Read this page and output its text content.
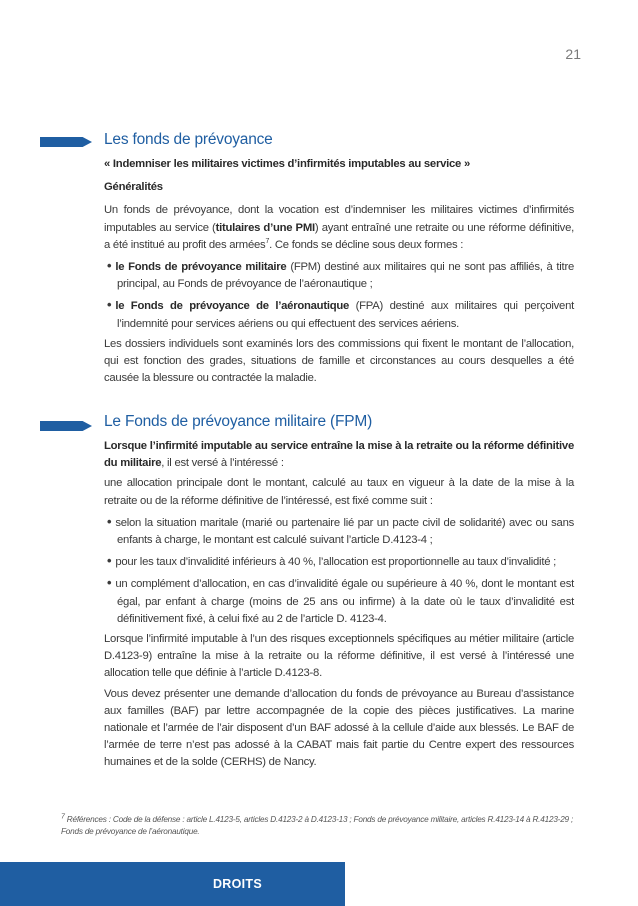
21
Les fonds de prévoyance

« Indemniser les militaires victimes d’infirmités imputables au service »

Généralités

Un fonds de prévoyance, dont la vocation est d’indemniser les militaires victimes d’infirmités imputables au service (titulaires d’une PMI) ayant entraîné une retraite ou une réforme définitive, a été institué au profit des armées$^7$. Ce fonds se décline sous deux formes :

• le Fonds de prévoyance militaire (FPM) destiné aux militaires qui ne sont pas affiliés, à titre principal, au Fonds de prévoyance de l’aéronautique ;

• le Fonds de prévoyance de l’aéronautique (FPA) destiné aux militaires qui perçoivent l’indemnité pour services aériens ou qui effectuent des services aériens.

Les dossiers individuels sont examinés lors des commissions qui fixent le montant de l’allocation, qui est fonction des grades, situations de famille et circonstances au cours desquelles a été causée la blessure ou contractée la maladie.

Le Fonds de prévoyance militaire (FPM)

Lorsque l’infirmité imputable au service entraîne la mise à la retraite ou la réforme définitive du militaire, il est versé à l’intéressé :

une allocation principale dont le montant, calculé au taux en vigueur à la date de la mise à la retraite ou de la réforme définitive de l’intéressé, est fixé comme suit :

• selon la situation maritale (marié ou partenaire lié par un pacte civil de solidarité) avec ou sans enfants à charge, le montant est calculé suivant l’article D.4123-4 ;

• pour les taux d’invalidité inférieurs à 40 %, l’allocation est proportionnelle au taux d’invalidité ;

• un complément d’allocation, en cas d’invalidité égale ou supérieure à 40 %, dont le montant est égal, par enfant à charge (moins de 25 ans ou infirme) à la date où le taux d’invalidité est définitivement fixé, à celui fixé au 2 de l’article D. 4123-4.

Lorsque l’infirmité imputable à l’un des risques exceptionnels spécifiques au métier militaire (article D.4123-9) entraîne la mise à la retraite ou la réforme définitive, il est versé à l’intéressé une allocation telle que définie à l’article D.4123-8.

Vous devez présenter une demande d’allocation du fonds de prévoyance au Bureau d’assistance aux familles (BAF) par lettre accompagnée de la copie des pièces justificatives. La marine nationale et l’armée de l’air disposent d’un BAF adossé à la cellule d’aide aux blessés. Le BAF de l’armée de terre n’est pas adossé à la CABAT mais fait partie du Centre expert des ressources humaines et de la solde (CERHS) de Nancy.

7 Références : Code de la défense : article L.4123-5, articles D.4123-2 à D.4123-13 ; Fonds de prévoyance militaire, articles R.4123-14 à R.4123-29 ; Fonds de prévoyance de l’aéronautique.
DROITS
